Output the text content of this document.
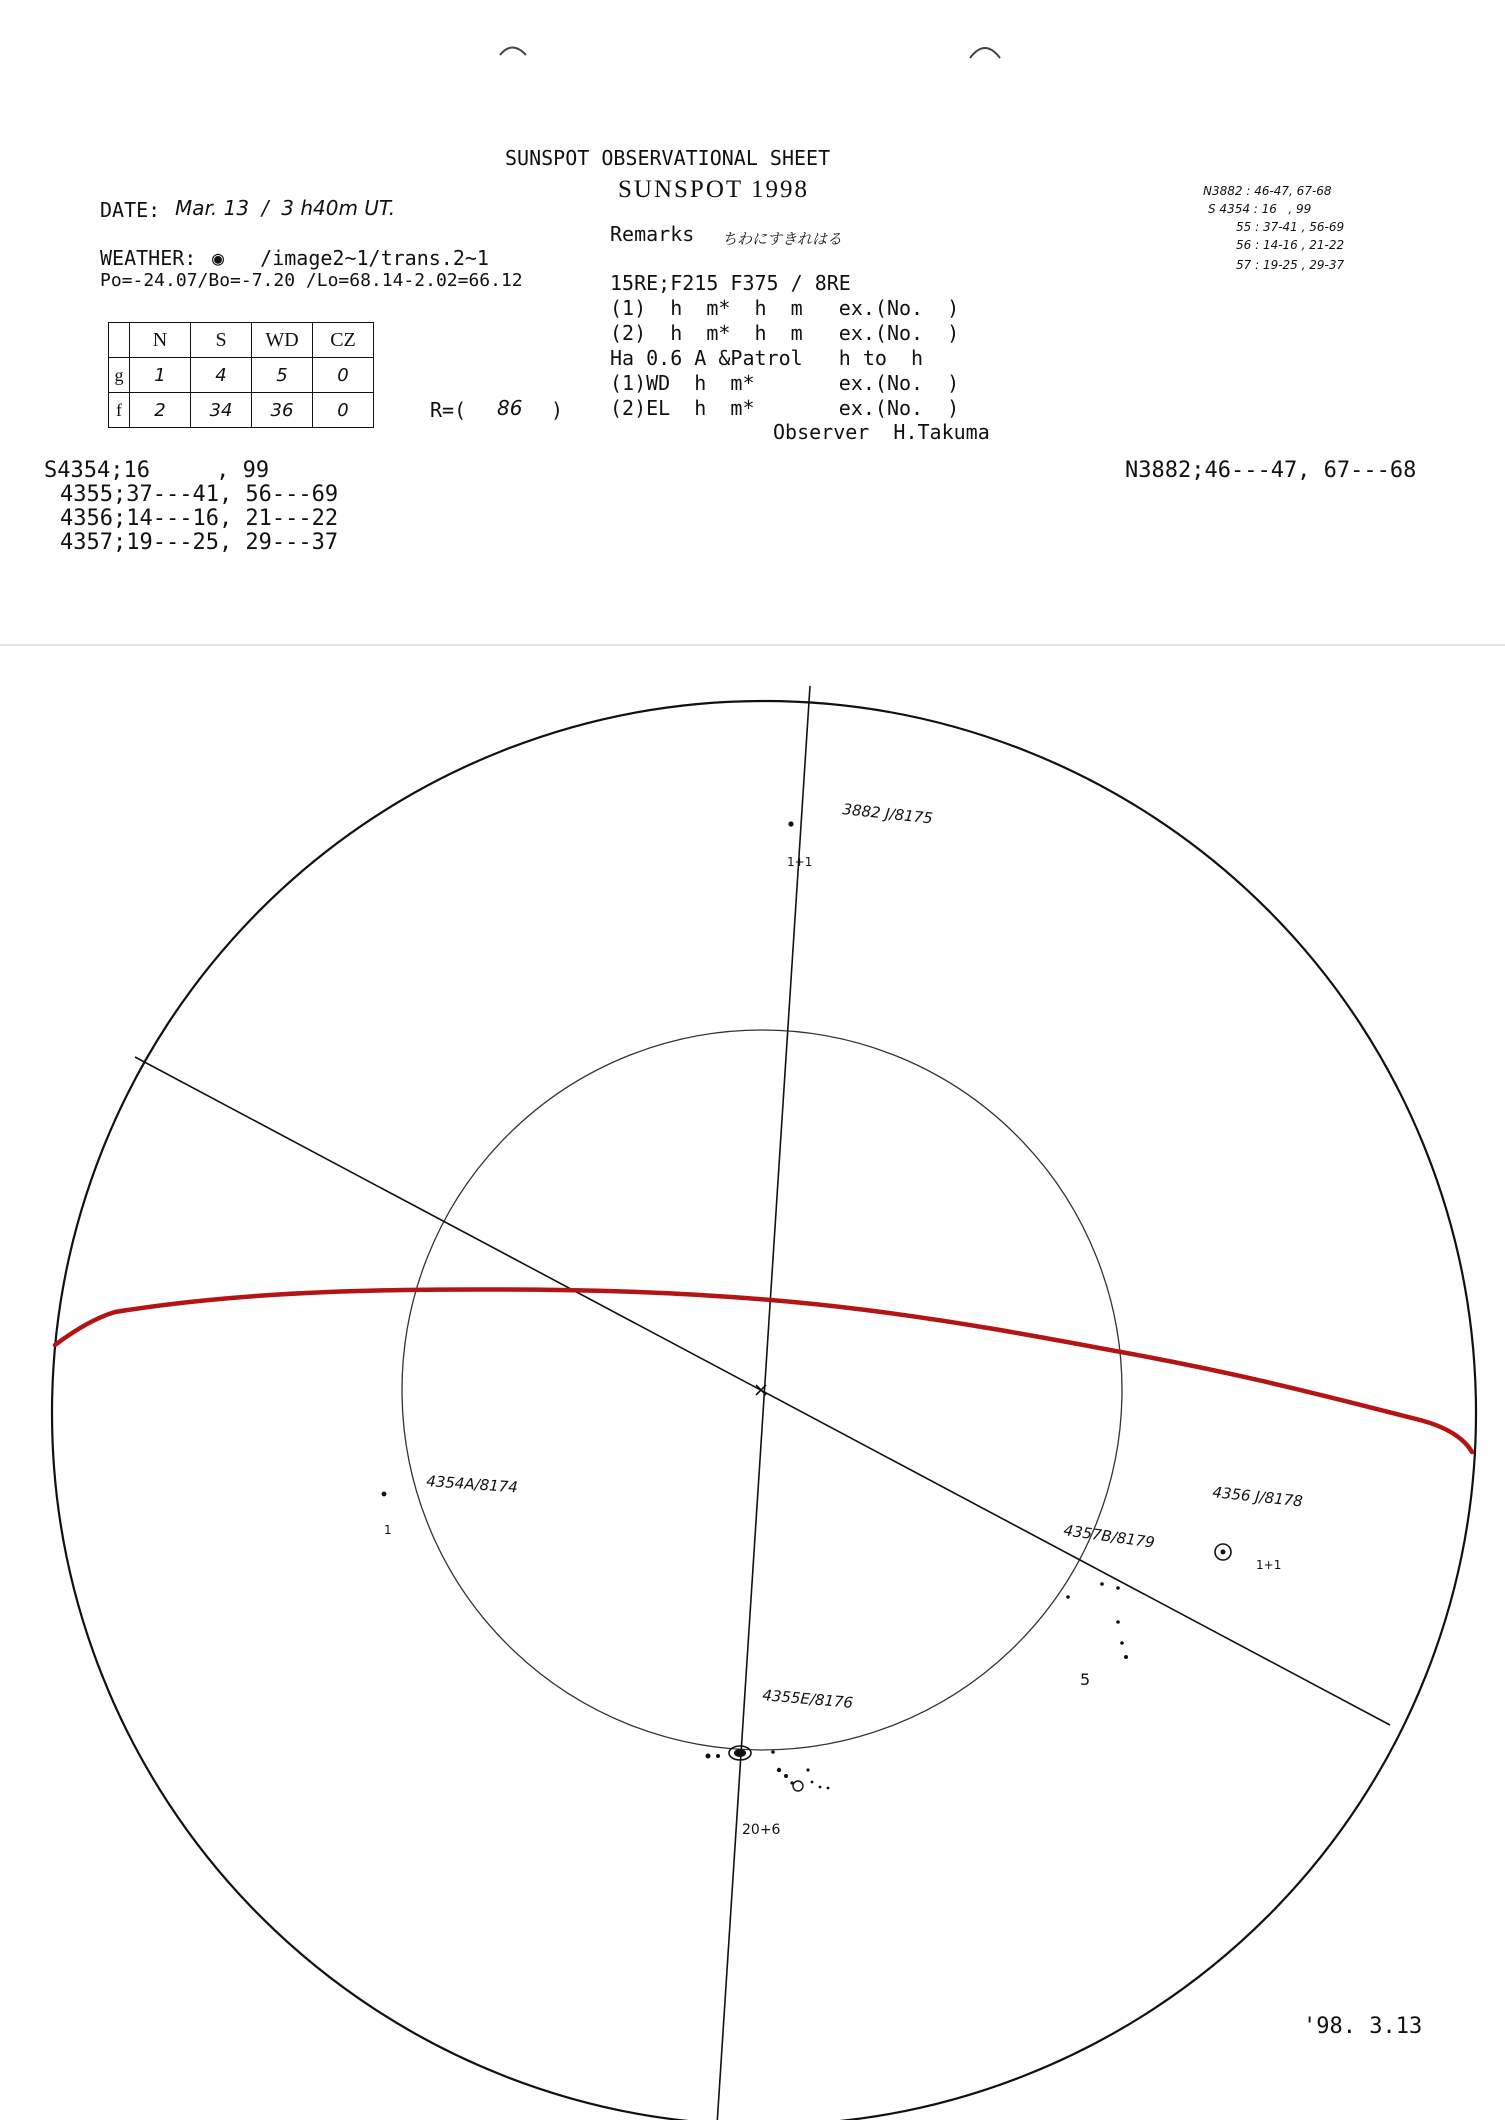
SUNSPOT OBSERVATIONAL SHEET
SUNSPOT 1998
DATE: Mar. 13  /  3 h40m UT.
Remarks ちわにすきれはる
WEATHER: ◉   /image2~1/trans.2~1
Po=-24.07/Bo=-7.20 /Lo=68.14-2.02=66.12	15RE;F215 F375 / 8RE
(1)  h  m*  h  m   ex.(No.  )
(2)  h  m*  h  m   ex.(No.  )
Ha 0.6 A &Patrol   h to  h
(1)WD  h  m*       ex.(No.  )
(2)EL  h  m*       ex.(No.  )
Observer  H.Takuma
N3882 : 46-47, 67-68
S 4354 : 16   , 99
55 : 37-41 , 56-69
56 : 14-16 , 21-22
57 : 19-25 , 29-37
	N	S	WD	CZ
g	1	4	5	0
f	2	34	36	0	R=( 86 )
S4354;16     , 99
4355;37---41, 56---69
4356;14---16, 21---22
4357;19---25, 29---37
N3882;46---47, 67---68
3882 J/8175
1+1
4354A/8174
1	4357B/8179
5
4356 J/8178
1+1
4355E/8176
20+6
'98. 3.13
